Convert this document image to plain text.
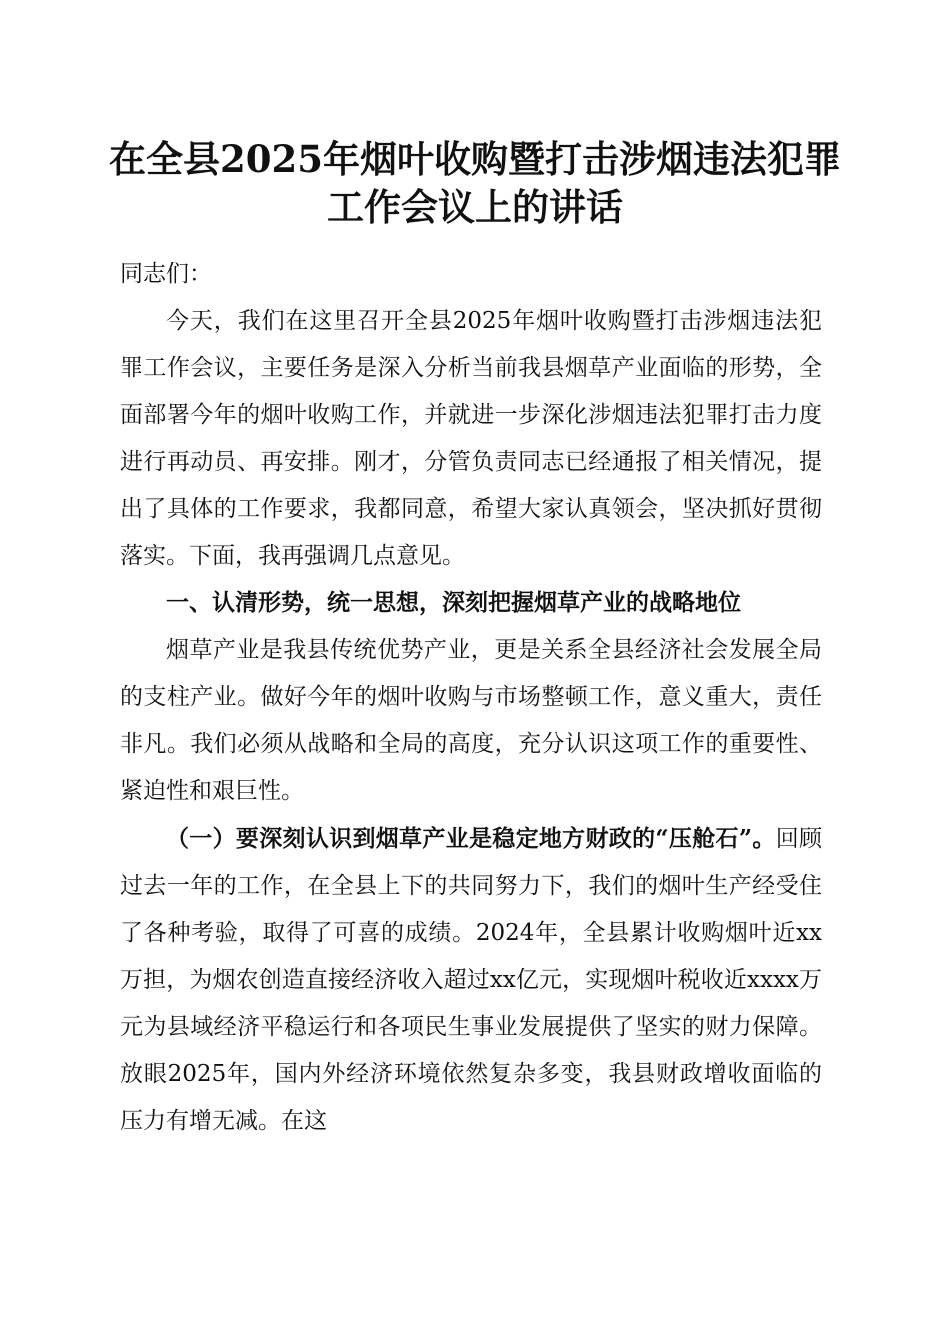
在全县2025年烟叶收购暨打击涉烟违法犯罪
工作会议上的讲话

同志们：

今天，我们在这里召开全县2025年烟叶收购暨打击涉烟违法犯罪工作会议，主要任务是深入分析当前我县烟草产业面临的形势，全面部署今年的烟叶收购工作，并就进一步深化涉烟违法犯罪打击力度进行再动员、再安排。刚才，分管负责同志已经通报了相关情况，提出了具体的工作要求，我都同意，希望大家认真领会，坚决抓好贯彻落实。下面，我再强调几点意见。

一、认清形势，统一思想，深刻把握烟草产业的战略地位

烟草产业是我县传统优势产业，更是关系全县经济社会发展全局的支柱产业。做好今年的烟叶收购与市场整顿工作，意义重大，责任非凡。我们必须从战略和全局的高度，充分认识这项工作的重要性、紧迫性和艰巨性。

（一）要深刻认识到烟草产业是稳定地方财政的“压舱石”。回顾过去一年的工作，在全县上下的共同努力下，我们的烟叶生产经受住了各种考验，取得了可喜的成绩。2024年，全县累计收购烟叶近xx万担，为烟农创造直接经济收入超过xx亿元，实现烟叶税收近xxxx万元为县域经济平稳运行和各项民生事业发展提供了坚实的财力保障。放眼2025年，国内外经济环境依然复杂多变，我县财政增收面临的压力有增无减。在这
